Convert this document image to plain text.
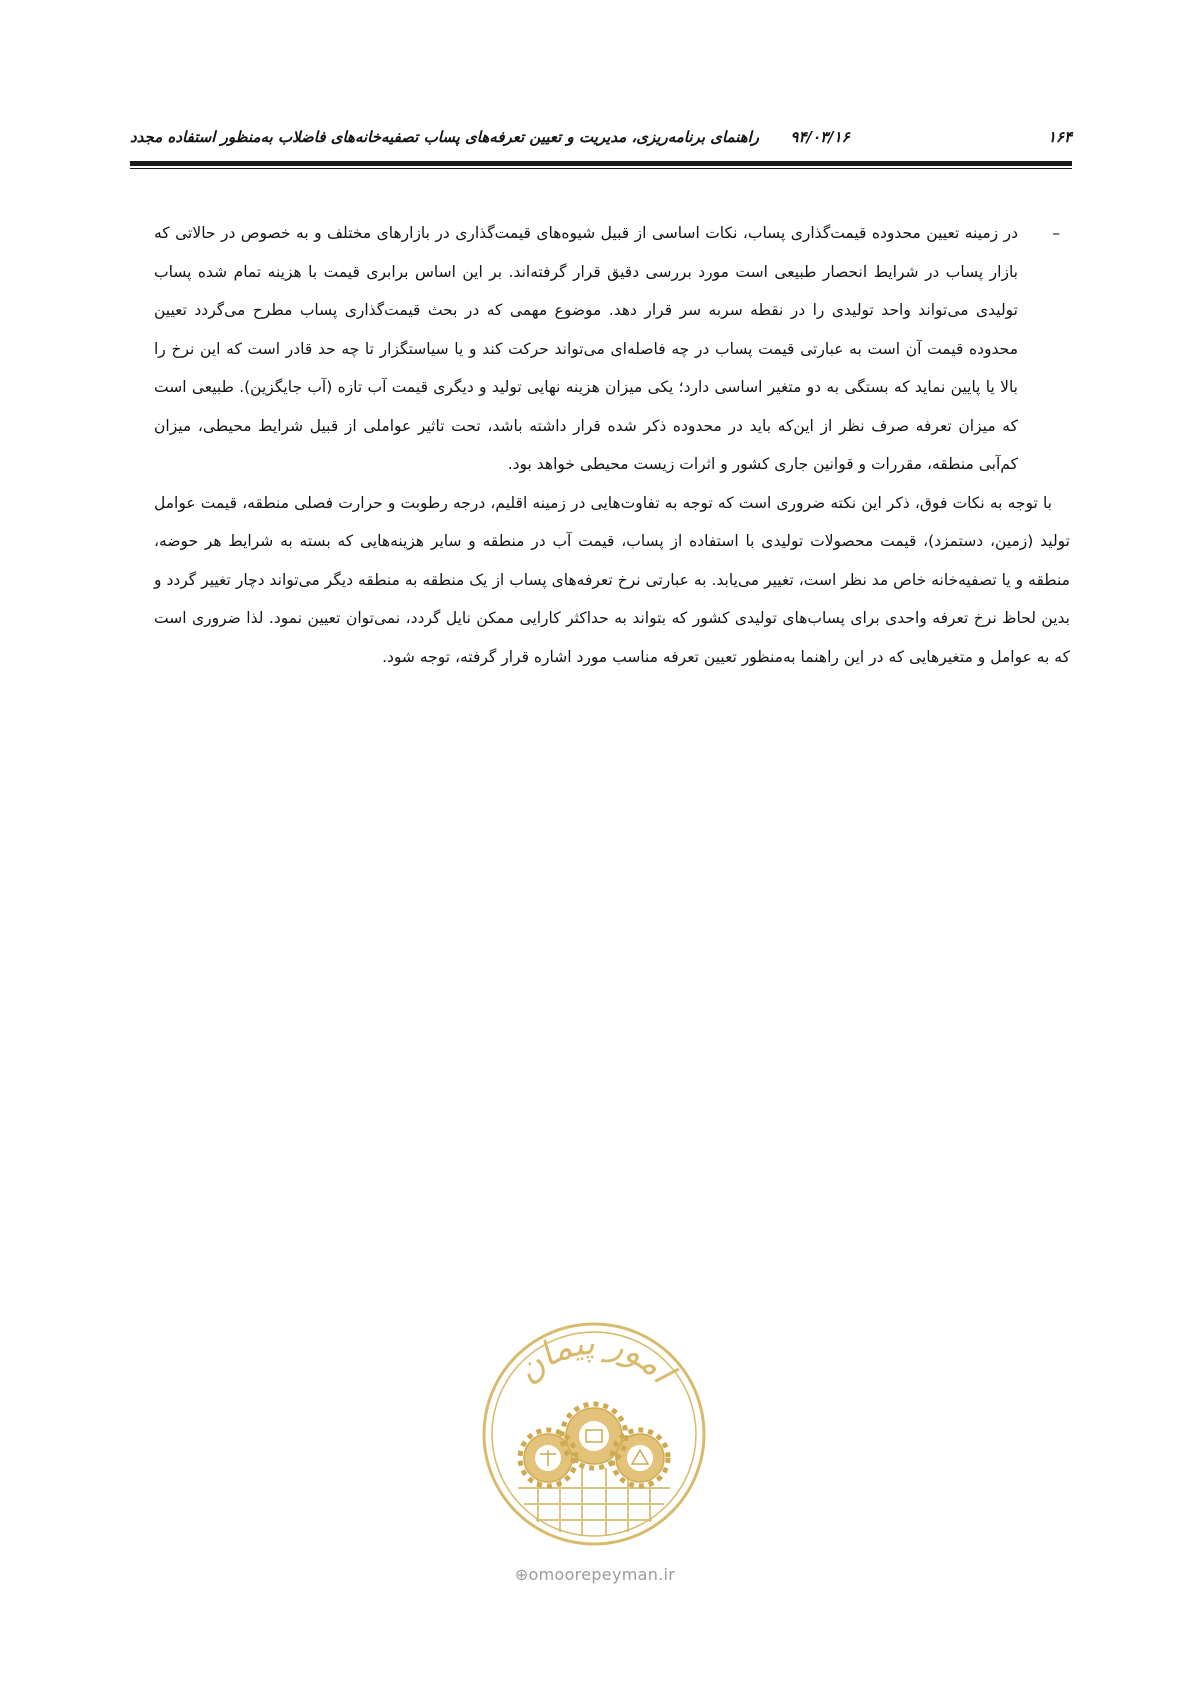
۹۴/۰۳/۱۶      راهنمای برنامه‌ریزی، مدیریت و تعیین تعرفه‌های پساب تصفیه‌خانه‌های فاضلاب به‌منظور استفاده مجدد	۱۶۴

–
در زمینه تعیین محدوده قیمت‌گذاری پساب، نکات اساسی از قبیل شیوه‌های قیمت‌گذاری در بازارهای مختلف و به خصوص در حالاتی که بازار پساب در شرایط انحصار طبیعی است مورد بررسی دقیق قرار گرفته‌اند. بر این اساس برابری قیمت با هزینه تمام شده پساب تولیدی می‌تواند واحد تولیدی را در نقطه سربه سر قرار دهد. موضوع مهمی که در بحث قیمت‌گذاری پساب مطرح می‌گردد تعیین محدوده قیمت آن است به عبارتی قیمت پساب در چه فاصله‌ای می‌تواند حرکت کند و یا سیاستگزار تا چه حد قادر است که این نرخ را بالا یا پایین نماید که بستگی به دو متغیر اساسی دارد؛ یکی میزان هزینه نهایی تولید و دیگری قیمت آب تازه (آب جایگزین). طبیعی است که میزان تعرفه صرف نظر از این‌که باید در محدوده ذکر شده قرار داشته باشد، تحت تاثیر عواملی از قبیل شرایط محیطی، میزان کم‌آبی منطقه، مقررات و قوانین جاری کشور و اثرات زیست محیطی خواهد بود.

با توجه به نکات فوق، ذکر این نکته ضروری است که توجه به تفاوت‌هایی در زمینه اقلیم، درجه رطوبت و حرارت فصلی منطقه، قیمت عوامل تولید (زمین، دستمزد)، قیمت محصولات تولیدی با استفاده از پساب، قیمت آب در منطقه و سایر هزینه‌هایی که بسته به شرایط هر حوضه، منطقه و یا تصفیه‌خانه خاص مد نظر است، تغییر می‌یابد. به عبارتی نرخ تعرفه‌های پساب از یک منطقه به منطقه دیگر می‌تواند دچار تغییر گردد و بدین لحاظ نرخ تعرفه واحدی برای پساب‌های تولیدی کشور که بتواند به حداکثر کارایی ممکن نایل گردد، نمی‌توان تعیین نمود. لذا ضروری است که به عوامل و متغیرهایی که در این راهنما به‌منظور تعیین تعرفه مناسب مورد اشاره قرار گرفته، توجه شود.

امور پیمان
⊕omoorepeyman.ir
